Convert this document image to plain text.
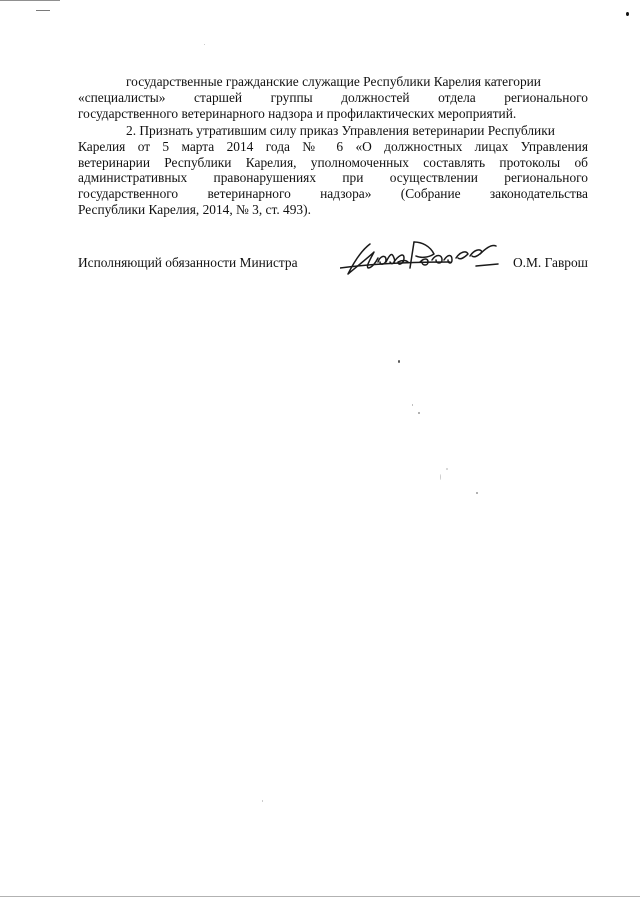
государственные гражданские служащие Республики Карелия категории
«специалисты» старшей группы должностей отдела регионального
государственного ветеринарного надзора и профилактических мероприятий.
2. Признать утратившим силу приказ Управления ветеринарии Республики
Карелия от 5 марта 2014 года № 6 «О должностных лицах Управления
ветеринарии Республики Карелия, уполномоченных составлять протоколы об
административных правонарушениях при осуществлении регионального
государственного ветеринарного надзора» (Собрание законодательства
Республики Карелия, 2014, № 3, ст. 493).
Исполняющий обязанности Министра	О.М. Гаврош
